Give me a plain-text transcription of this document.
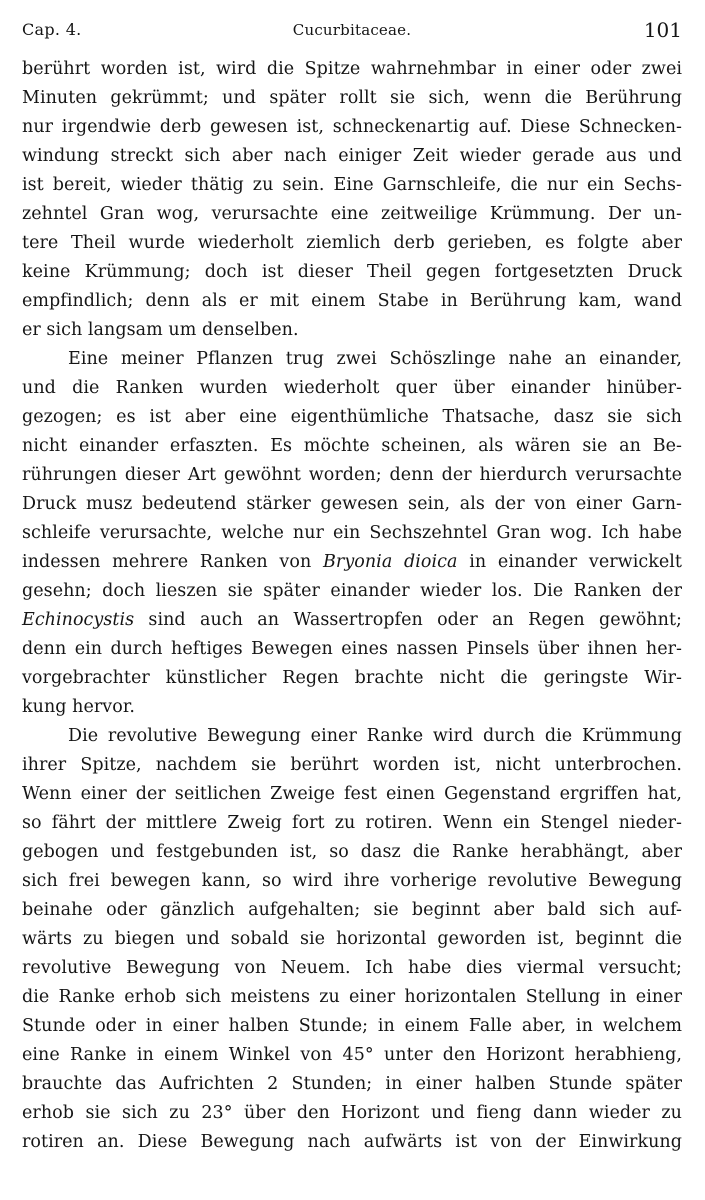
Cap. 4.	Cucurbitaceae.	101
berührt worden ist, wird die Spitze wahrnehmbar in einer oder zwei
Minuten gekrümmt; und später rollt sie sich, wenn die Berührung
nur irgendwie derb gewesen ist, schneckenartig auf. Diese Schnecken-
windung streckt sich aber nach einiger Zeit wieder gerade aus und
ist bereit, wieder thätig zu sein. Eine Garnschleife, die nur ein Sechs-
zehntel Gran wog, verursachte eine zeitweilige Krümmung. Der un-
tere Theil wurde wiederholt ziemlich derb gerieben, es folgte aber
keine Krümmung; doch ist dieser Theil gegen fortgesetzten Druck
empfindlich; denn als er mit einem Stabe in Berührung kam, wand
er sich langsam um denselben.
Eine meiner Pflanzen trug zwei Schöszlinge nahe an einander,
und die Ranken wurden wiederholt quer über einander hinüber-
gezogen; es ist aber eine eigenthümliche Thatsache, dasz sie sich
nicht einander erfaszten. Es möchte scheinen, als wären sie an Be-
rührungen dieser Art gewöhnt worden; denn der hierdurch verursachte
Druck musz bedeutend stärker gewesen sein, als der von einer Garn-
schleife verursachte, welche nur ein Sechszehntel Gran wog. Ich habe
indessen mehrere Ranken von Bryonia dioica in einander verwickelt
gesehn; doch lieszen sie später einander wieder los. Die Ranken der
Echinocystis sind auch an Wassertropfen oder an Regen gewöhnt;
denn ein durch heftiges Bewegen eines nassen Pinsels über ihnen her-
vorgebrachter künstlicher Regen brachte nicht die geringste Wir-
kung hervor.
Die revolutive Bewegung einer Ranke wird durch die Krümmung
ihrer Spitze, nachdem sie berührt worden ist, nicht unterbrochen.
Wenn einer der seitlichen Zweige fest einen Gegenstand ergriffen hat,
so fährt der mittlere Zweig fort zu rotiren. Wenn ein Stengel nieder-
gebogen und festgebunden ist, so dasz die Ranke herabhängt, aber
sich frei bewegen kann, so wird ihre vorherige revolutive Bewegung
beinahe oder gänzlich aufgehalten; sie beginnt aber bald sich auf-
wärts zu biegen und sobald sie horizontal geworden ist, beginnt die
revolutive Bewegung von Neuem. Ich habe dies viermal versucht;
die Ranke erhob sich meistens zu einer horizontalen Stellung in einer
Stunde oder in einer halben Stunde; in einem Falle aber, in welchem
eine Ranke in einem Winkel von 45° unter den Horizont herabhieng,
brauchte das Aufrichten 2 Stunden; in einer halben Stunde später
erhob sie sich zu 23° über den Horizont und fieng dann wieder zu
rotiren an. Diese Bewegung nach aufwärts ist von der Einwirkung
